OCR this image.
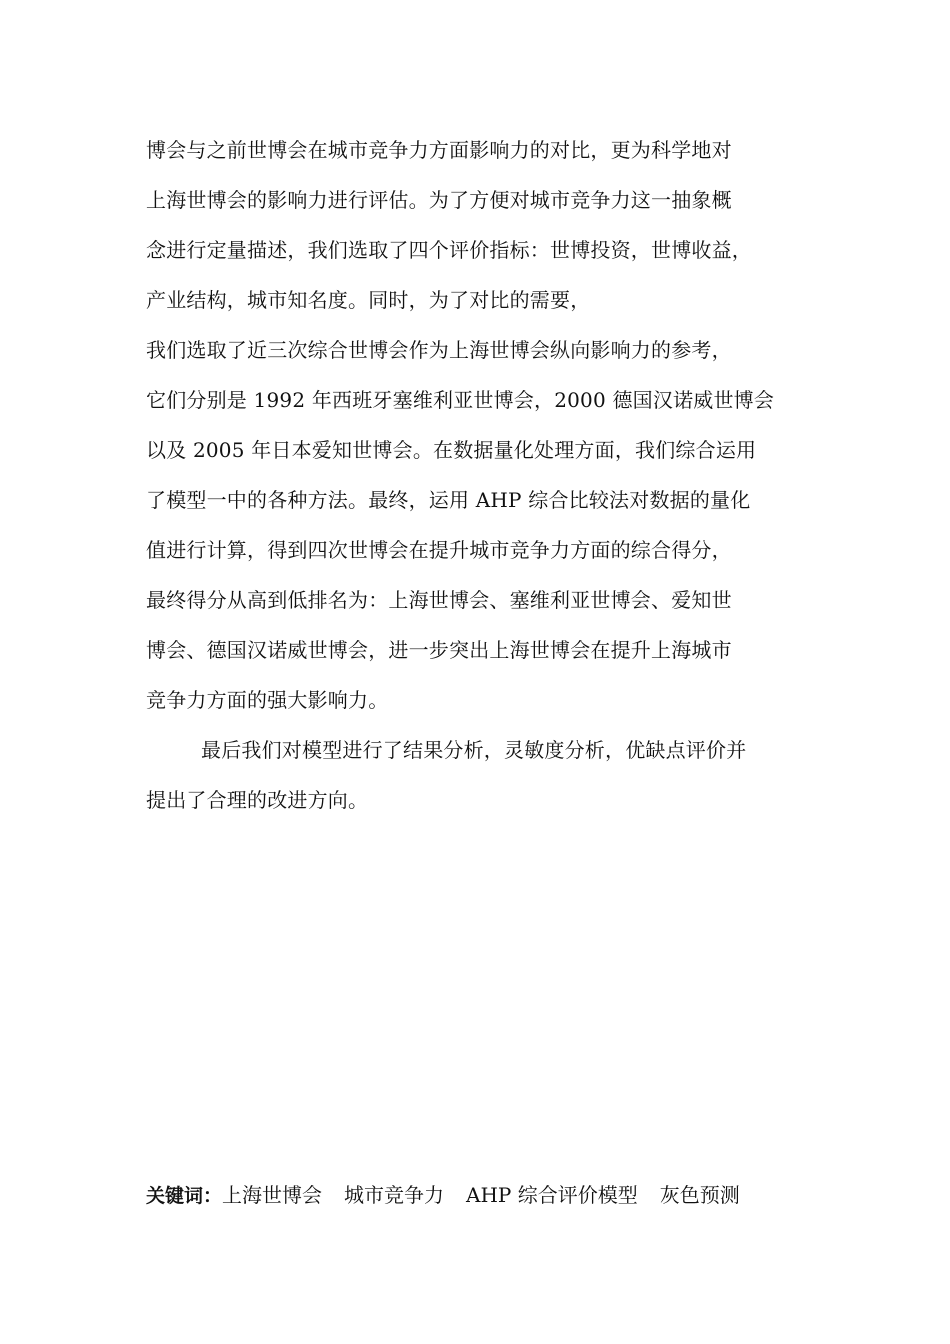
博会与之前世博会在城市竞争力方面影响力的对比，更为科学地对
上海世博会的影响力进行评估。为了方便对城市竞争力这一抽象概
念进行定量描述，我们选取了四个评价指标：世博投资，世博收益，
产业结构，城市知名度。同时，为了对比的需要，
我们选取了近三次综合世博会作为上海世博会纵向影响力的参考，
它们分别是 1992 年西班牙塞维利亚世博会，2000 德国汉诺威世博会
以及 2005 年日本爱知世博会。在数据量化处理方面，我们综合运用
了模型一中的各种方法。最终，运用 AHP 综合比较法对数据的量化
值进行计算，得到四次世博会在提升城市竞争力方面的综合得分，
最终得分从高到低排名为：上海世博会、塞维利亚世博会、爱知世
博会、德国汉诺威世博会，进一步突出上海世博会在提升上海城市
竞争力方面的强大影响力。
最后我们对模型进行了结果分析，灵敏度分析，优缺点评价并
提出了合理的改进方向。
关键词：上海世博会 城市竞争力 AHP 综合评价模型 灰色预测
